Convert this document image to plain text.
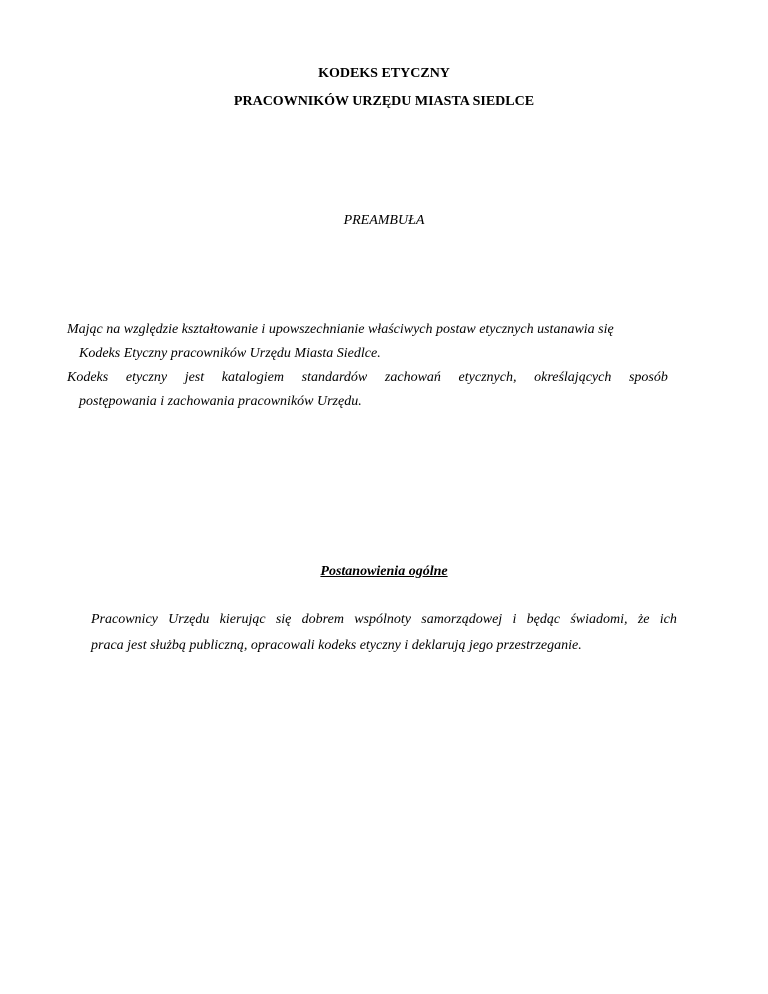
KODEKS ETYCZNY
PRACOWNIKÓW URZĘDU MIASTA SIEDLCE
PREAMBUŁA
Mając na względzie kształtowanie i upowszechnianie właściwych postaw etycznych ustanawia się
Kodeks Etyczny pracowników Urzędu Miasta Siedlce.
Kodeks etyczny jest katalogiem standardów zachowań etycznych, określających sposób
postępowania i zachowania pracowników Urzędu.
Postanowienia ogólne
Pracownicy Urzędu kierując się dobrem wspólnoty samorządowej i będąc świadomi, że ich
praca jest służbą publiczną, opracowali kodeks etyczny i deklarują jego przestrzeganie.
